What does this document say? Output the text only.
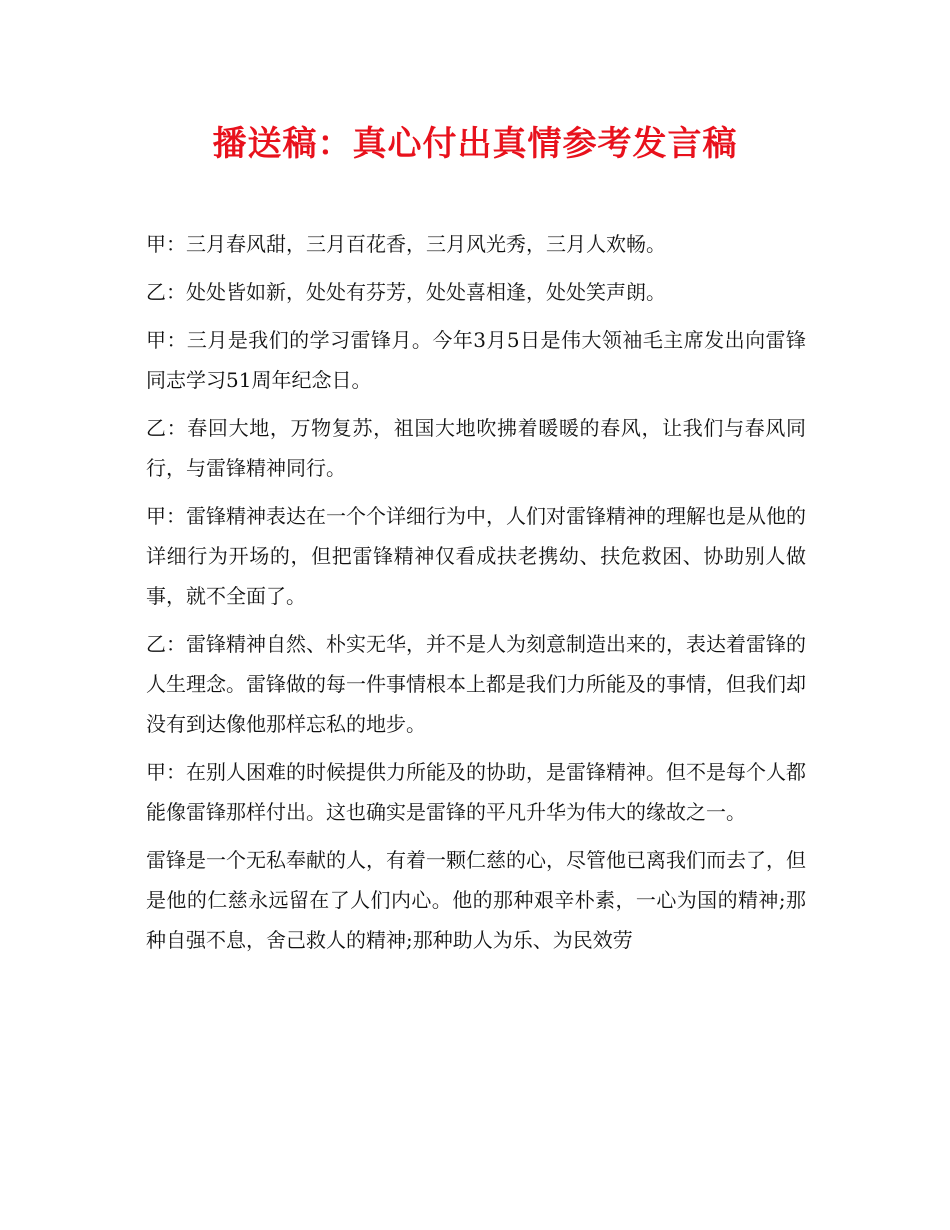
播送稿：真心付出真情参考发言稿

甲：三月春风甜，三月百花香，三月风光秀，三月人欢畅。

乙：处处皆如新，处处有芬芳，处处喜相逢，处处笑声朗。

甲：三月是我们的学习雷锋月。今年3月5日是伟大领袖毛主席发出向雷锋同志学习51周年纪念日。

乙：春回大地，万物复苏，祖国大地吹拂着暖暖的春风，让我们与春风同行，与雷锋精神同行。

甲：雷锋精神表达在一个个详细行为中，人们对雷锋精神的理解也是从他的详细行为开场的，但把雷锋精神仅看成扶老携幼、扶危救困、协助别人做事，就不全面了。

乙：雷锋精神自然、朴实无华，并不是人为刻意制造出来的，表达着雷锋的人生理念。雷锋做的每一件事情根本上都是我们力所能及的事情，但我们却没有到达像他那样忘私的地步。

甲：在别人困难的时候提供力所能及的协助，是雷锋精神。但不是每个人都能像雷锋那样付出。这也确实是雷锋的平凡升华为伟大的缘故之一。

雷锋是一个无私奉献的人，有着一颗仁慈的心，尽管他已离我们而去了，但是他的仁慈永远留在了人们内心。他的那种艰辛朴素，一心为国的精神;那种自强不息，舍己救人的精神;那种助人为乐、为民效劳
